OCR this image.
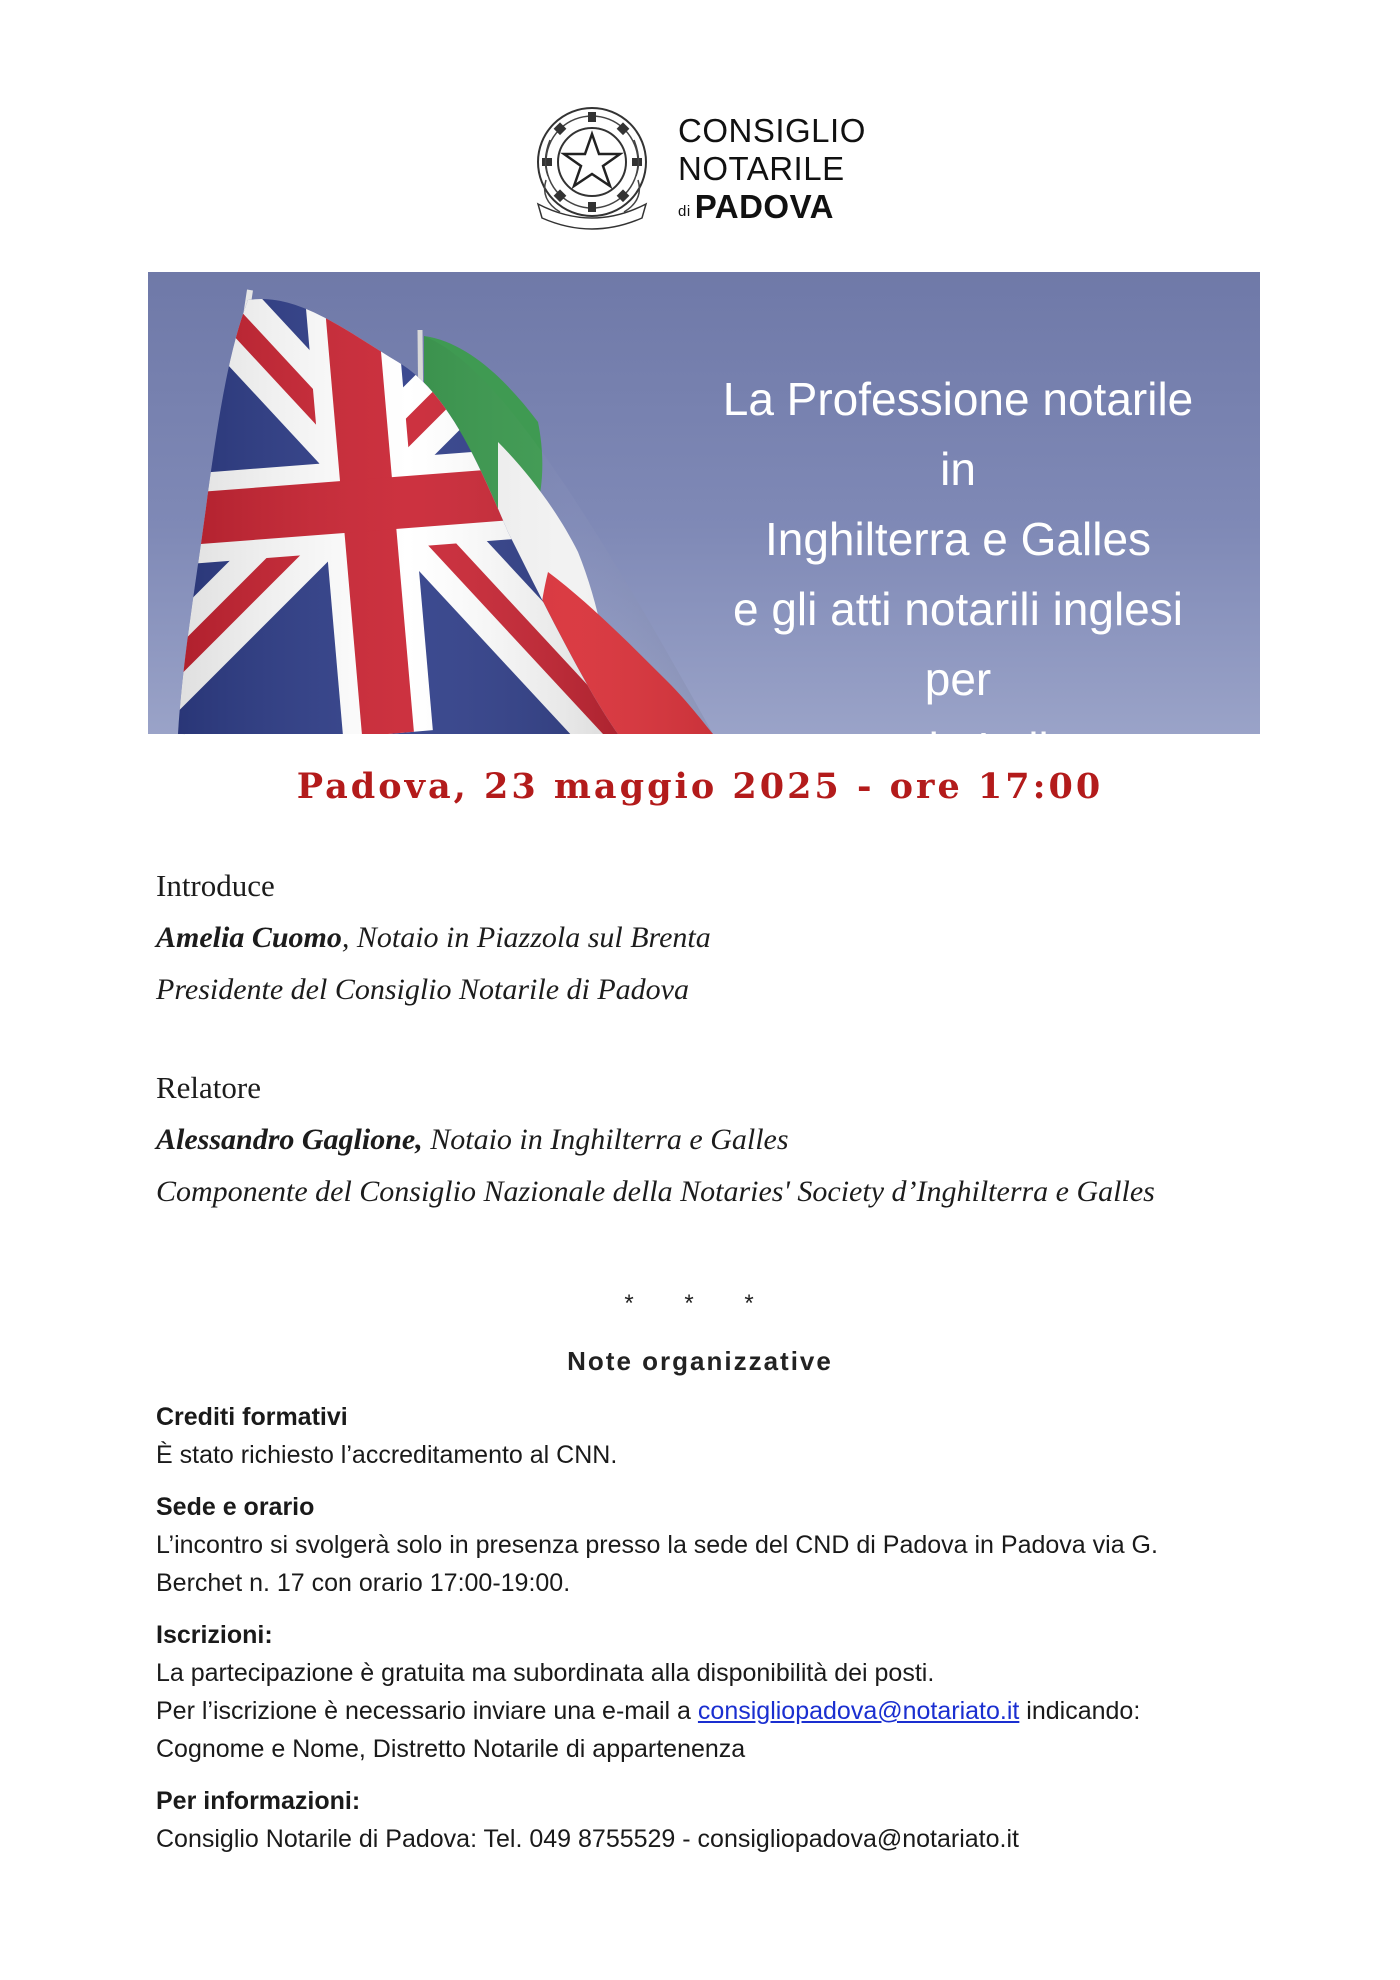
CONSIGLIO
NOTARILE
di PADOVA
La Professione notarile in
Inghilterra e Galles
e gli atti notarili inglesi per
uso in Italia
Padova, 23 maggio 2025 - ore 17:00

Introduce

Amelia Cuomo, Notaio in Piazzola sul Brenta

Presidente del Consiglio Notarile di Padova

Relatore

Alessandro Gaglione, Notaio in Inghilterra e Galles

Componente del Consiglio Nazionale della Notaries' Society d’Inghilterra e Galles

* * *
Note organizzative

Crediti formativi

È stato richiesto l’accreditamento al CNN.

Sede e orario

L’incontro si svolgerà solo in presenza presso la sede del CND di Padova in Padova via G.

Berchet n. 17 con orario 17:00-19:00.

Iscrizioni:

La partecipazione è gratuita ma subordinata alla disponibilità dei posti.

Per l’iscrizione è necessario inviare una e-mail a consigliopadova@notariato.it indicando:

Cognome e Nome, Distretto Notarile di appartenenza

Per informazioni:

Consiglio Notarile di Padova: Tel. 049 8755529 - consigliopadova@notariato.it
